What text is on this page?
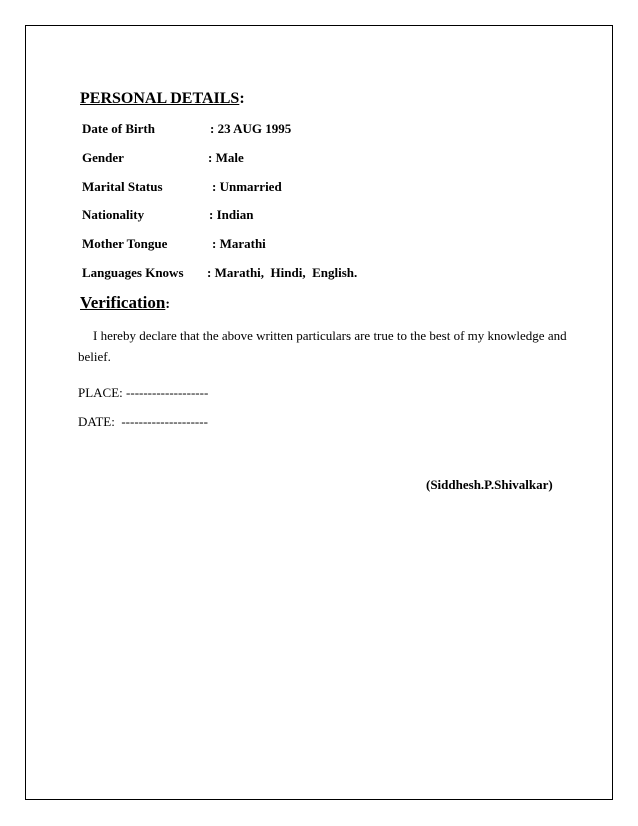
PERSONAL DETAILS:
Date of Birth	: 23 AUG 1995
Gender	: Male
Marital Status	: Unmarried
Nationality	: Indian
Mother Tongue	: Marathi
Languages Knows : Marathi,  Hindi,  English.
Verification:
I hereby declare that the above written particulars are true to the best of my knowledge and
belief.
PLACE: -------------------
DATE:  --------------------
(Siddhesh.P.Shivalkar)
